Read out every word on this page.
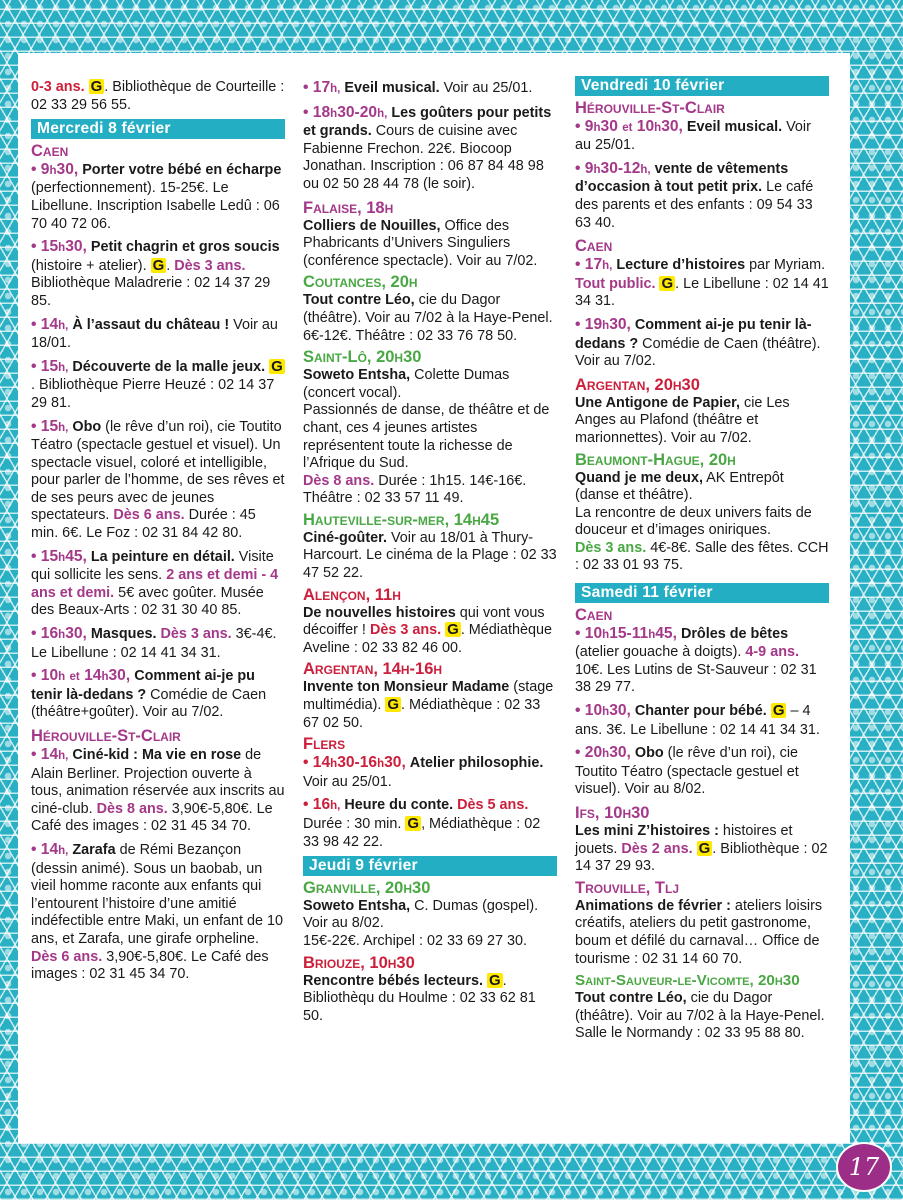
0-3 ans. G . Bibliothèque de Courteille : 02 33 29 56 55.
Mercredi 8 février
Caen
• 9h30, Porter votre bébé en écharpe (perfectionnement). 15-25€. Le Libellune. Inscription Isabelle Ledû : 06 70 40 72 06.
• 15h30, Petit chagrin et gros soucis (histoire + atelier). G . Dès 3 ans. Bibliothèque Maladrerie : 02 14 37 29 85.
• 14h, À l’assaut du château ! Voir au 18/01.
• 15h, Découverte de la malle jeux. G. Bibliothèque Pierre Heuzé : 02 14 37 29 81.
• 15h, Obo (le rêve d’un roi), cie Toutito Téatro (spectacle gestuel et visuel). Un spectacle visuel, coloré et intelligible, pour parler de l’homme, de ses rêves et de ses peurs avec de jeunes spectateurs. Dès 6 ans. Durée : 45 min. 6€. Le Foz : 02 31 84 42 80.
• 15h45, La peinture en détail. Visite qui sollicite les sens. 2 ans et demi - 4 ans et demi. 5€ avec goûter. Musée des Beaux-Arts : 02 31 30 40 85.
• 16h30, Masques. Dès 3 ans. 3€-4€. Le Libellune : 02 14 41 34 31.
• 10h et 14h30, Comment ai-je pu tenir là-dedans ? Comédie de Caen (théâtre+goûter). Voir au 7/02.
Hérouville-St-Clair
• 14h, Ciné-kid : Ma vie en rose de Alain Berliner. Projection ouverte à tous, animation réservée aux inscrits au ciné-club. Dès 8 ans. 3,90€-5,80€. Le Café des images : 02 31 45 34 70.
• 14h, Zarafa de Rémi Bezançon (dessin animé). Sous un baobab, un vieil homme raconte aux enfants qui l’entourent l’histoire d’une amitié indéfectible entre Maki, un enfant de 10 ans, et Zarafa, une girafe orpheline. Dès 6 ans. 3,90€-5,80€. Le Café des images : 02 31 45 34 70.
• 17h, Eveil musical. Voir au 25/01.
• 18h30-20h, Les goûters pour petits et grands. Cours de cuisine avec Fabienne Frechon. 22€. Biocoop Jonathan. Inscription : 06 87 84 48 98 ou 02 50 28 44 78 (le soir).
Falaise, 18h
Colliers de Nouilles, Office des Phabricants d’Univers Singuliers (conférence spectacle). Voir au 7/02.
Coutances, 20h
Tout contre Léo, cie du Dagor (théâtre). Voir au 7/02 à la Haye-Penel. 6€-12€. Théâtre : 02 33 76 78 50.
Saint-Lô, 20h30
Soweto Entsha, Colette Dumas (concert vocal).
Passionnés de danse, de théâtre et de chant, ces 4 jeunes artistes représentent toute la richesse de l’Afrique du Sud.
Dès 8 ans. Durée : 1h15. 14€-16€. Théâtre : 02 33 57 11 49.
Hauteville-sur-mer, 14h45
Ciné-goûter. Voir au 18/01 à Thury-Harcourt. Le cinéma de la Plage : 02 33 47 52 22.
Alençon, 11h
De nouvelles histoires qui vont vous décoiffer ! Dès 3 ans. G . Médiathèque Aveline : 02 33 82 46 00.
Argentan, 14h-16h
Invente ton Monsieur Madame (stage multimédia). G . Médiathèque : 02 33 67 02 50.
Flers
• 14h30-16h30, Atelier philosophie. Voir au 25/01.
• 16h, Heure du conte. Dès 5 ans. Durée : 30 min. G , Médiathèque : 02 33 98 42 22.
Jeudi 9 février
Granville, 20h30
Soweto Entsha, C. Dumas (gospel). Voir au 8/02.
15€-22€. Archipel : 02 33 69 27 30.
Briouze, 10h30
Rencontre bébés lecteurs. G . Bibliothèqu du Houlme : 02 33 62 81 50.
Vendredi 10 février
Hérouville-St-Clair
• 9h30 et 10h30, Eveil musical. Voir au 25/01.
• 9h30-12h, vente de vêtements d’occasion à tout petit prix. Le café des parents et des enfants : 09 54 33 63 40.
Caen
• 17h, Lecture d’histoires par Myriam. Tout public. G . Le Libellune : 02 14 41 34 31.
• 19h30, Comment ai-je pu tenir là-dedans ? Comédie de Caen (théâtre). Voir au 7/02.
Argentan, 20h30
Une Antigone de Papier, cie Les Anges au Plafond (théâtre et marionnettes). Voir au 7/02.
Beaumont-Hague, 20h
Quand je me deux, AK Entrepôt (danse et théâtre).
La rencontre de deux univers faits de douceur et d’images oniriques.
Dès 3 ans. 4€-8€. Salle des fêtes. CCH : 02 33 01 93 75.
Samedi 11 février
Caen
• 10h15-11h45, Drôles de bêtes (atelier gouache à doigts). 4-9 ans. 10€. Les Lutins de St-Sauveur : 02 31 38 29 77.
• 10h30, Chanter pour bébé. G – 4 ans. 3€. Le Libellune : 02 14 41 34 31.
• 20h30, Obo (le rêve d’un roi), cie Toutito Téatro (spectacle gestuel et visuel). Voir au 8/02.
Ifs, 10h30
Les mini Z’histoires : histoires et jouets. Dès 2 ans. G . Bibliothèque : 02 14 37 29 93.
Trouville, Tlj
Animations de février : ateliers loisirs créatifs, ateliers du petit gastronome, boum et défilé du carnaval… Office de tourisme : 02 31 14 60 70.
Saint-Sauveur-le-Vicomte, 20h30
Tout contre Léo, cie du Dagor (théâtre). Voir au 7/02 à la Haye-Penel. Salle le Normandy : 02 33 95 88 80.
17
